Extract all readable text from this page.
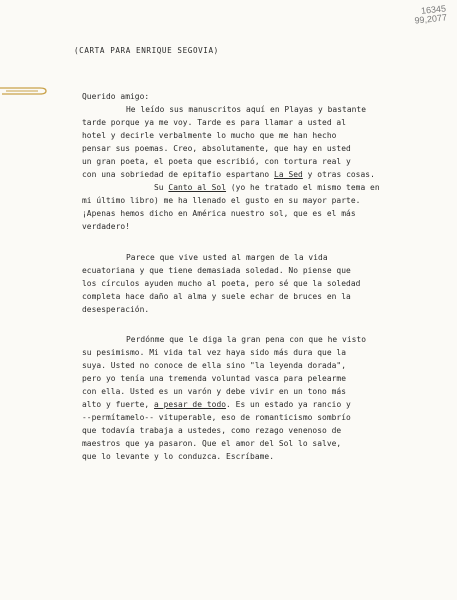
16345
99,2077
(CARTA PARA ENRIQUE SEGOVIA)
Querido amigo:
He leído sus manuscritos aquí en Playas y bastante
tarde porque ya me voy. Tarde es para llamar a usted al
hotel y decirle verbalmente lo mucho que me han hecho
pensar sus poemas. Creo, absolutamente, que hay en usted
un gran poeta, el poeta que escribió, con tortura real y
con una sobriedad de epitafio espartano La Sed y otras cosas.
Su Canto al Sol (yo he tratado el mismo tema en
mi último libro) me ha llenado el gusto en su mayor parte.
¡Apenas hemos dicho en América nuestro sol, que es el más
verdadero!
Parece que vive usted al margen de la vida
ecuatoriana y que tiene demasiada soledad. No piense que
los círculos ayuden mucho al poeta, pero sé que la soledad
completa hace daño al alma y suele echar de bruces en la
desesperación.
Perdónme que le diga la gran pena con que he visto
su pesimismo. Mi vida tal vez haya sido más dura que la
suya. Usted no conoce de ella sino "la leyenda dorada",
pero yo tenía una tremenda voluntad vasca para pelearme
con ella. Usted es un varón y debe vivir en un tono más
alto y fuerte, a pesar de todo. Es un estado ya rancio y
--permítamelo-- vituperable, eso de romanticismo sombrío
que todavía trabaja a ustedes, como rezago venenoso de
maestros que ya pasaron. Que el amor del Sol lo salve,
que lo levante y lo conduzca. Escríbame.
